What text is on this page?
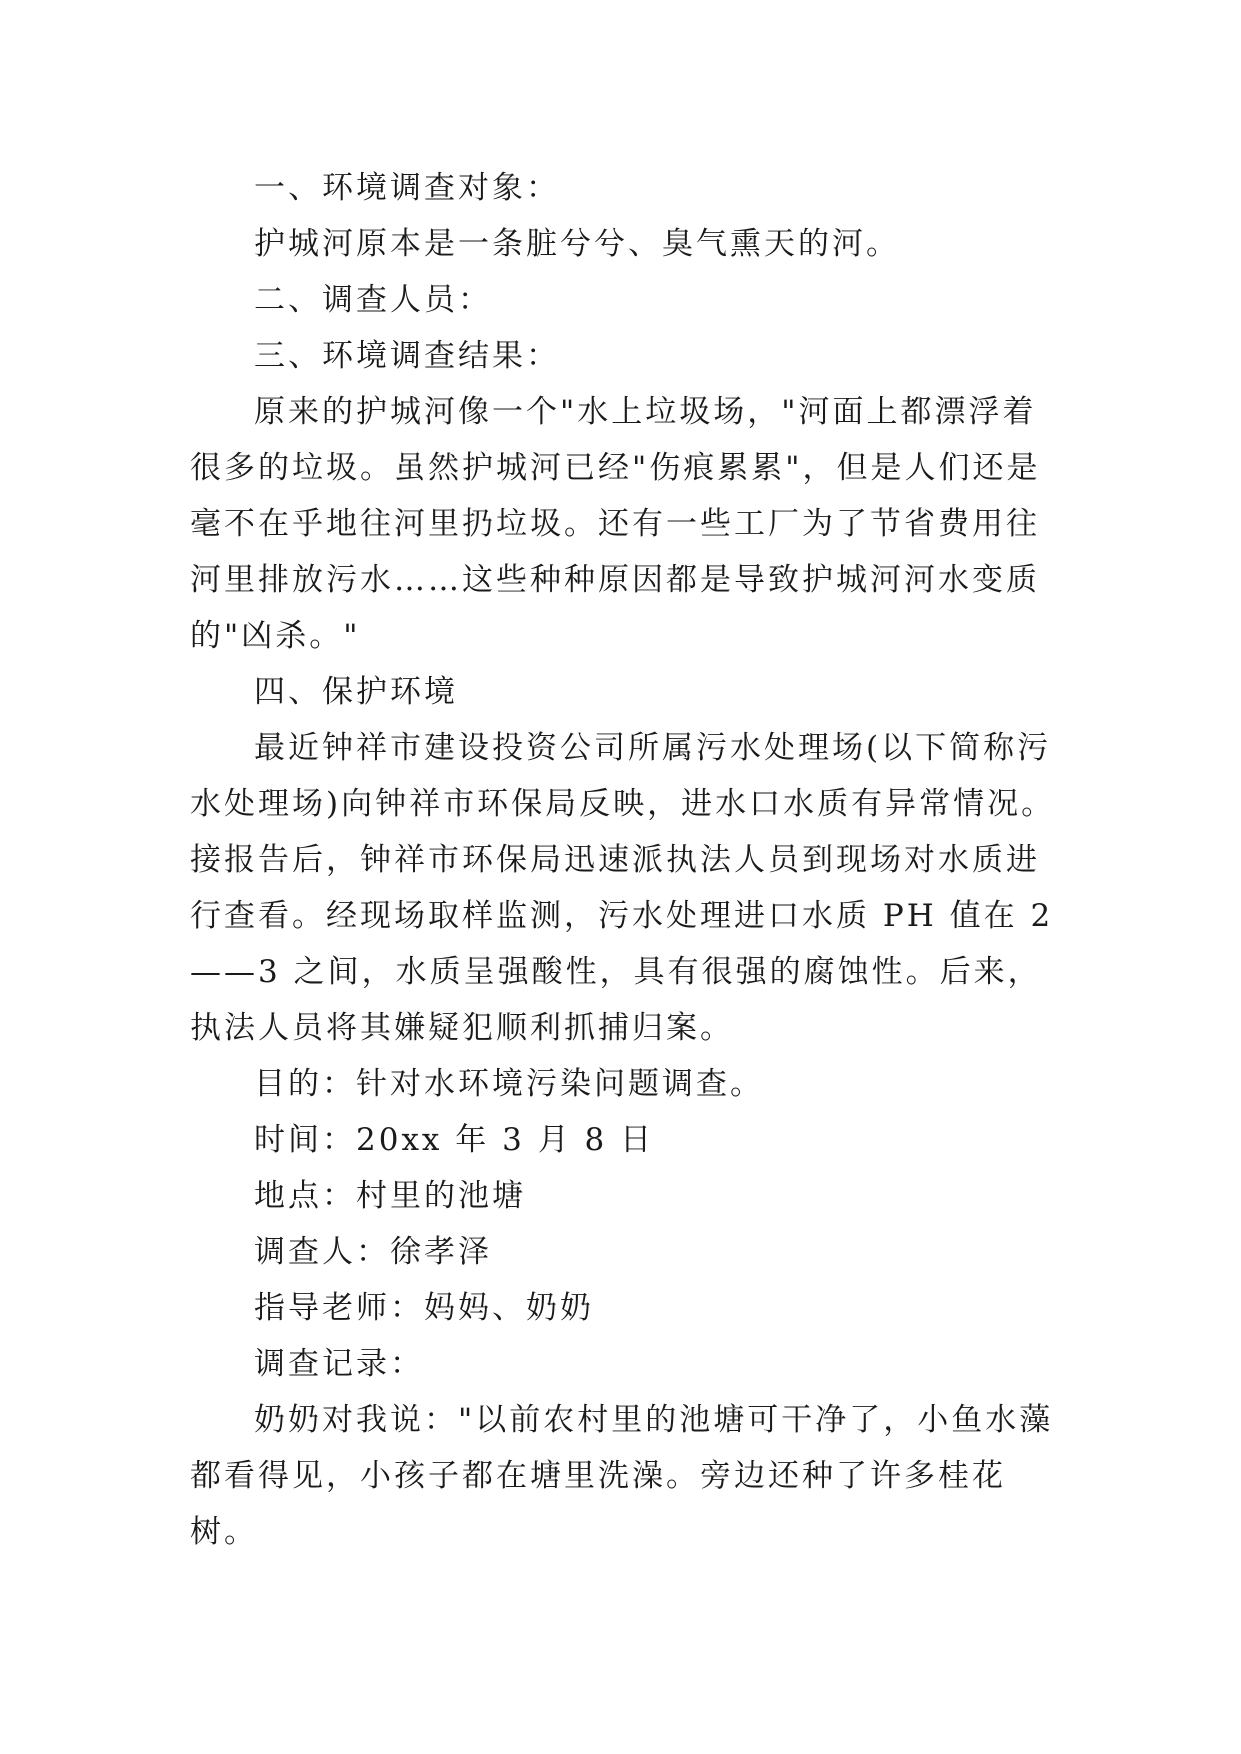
一、环境调查对象：

护城河原本是一条脏兮兮、臭气熏天的河。

二、调查人员：

三、环境调查结果：

原来的护城河像一个"水上垃圾场，"河面上都漂浮着很多的垃圾。虽然护城河已经"伤痕累累"，但是人们还是毫不在乎地往河里扔垃圾。还有一些工厂为了节省费用往河里排放污水……这些种种原因都是导致护城河河水变质的"凶杀。"

四、保护环境

最近钟祥市建设投资公司所属污水处理场(以下简称污水处理场)向钟祥市环保局反映，进水口水质有异常情况。接报告后，钟祥市环保局迅速派执法人员到现场对水质进行查看。经现场取样监测，污水处理进口水质 PH 值在 2——3 之间，水质呈强酸性，具有很强的腐蚀性。后来，执法人员将其嫌疑犯顺利抓捕归案。

目的：针对水环境污染问题调查。

时间：20xx 年 3 月 8 日

地点：村里的池塘

调查人：徐孝泽

指导老师：妈妈、奶奶

调查记录：

奶奶对我说："以前农村里的池塘可干净了，小鱼水藻都看得见，小孩子都在塘里洗澡。旁边还种了许多桂花树。
